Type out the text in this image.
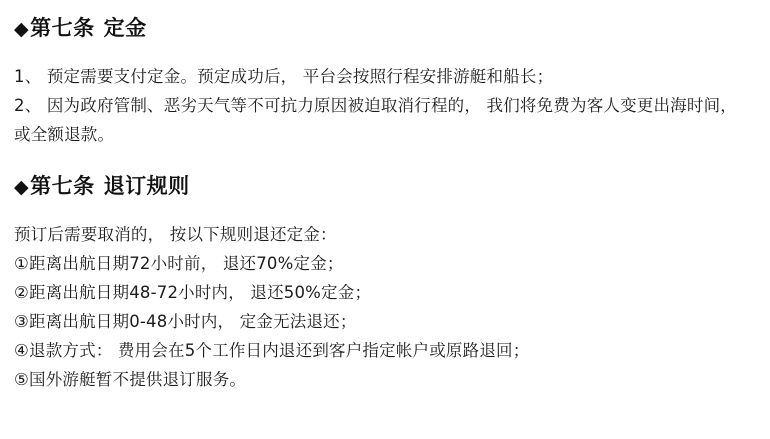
◆ 第七条 定金

1、 预定需要支付定金。预定成功后， 平台会按照行程安排游艇和船长；

2、 因为政府管制、恶劣天气等不可抗力原因被迫取消行程的， 我们将免费为客人变更出海时间， 或全额退款。

◆ 第七条 退订规则

预订后需要取消的， 按以下规则退还定金：

①距离出航日期72小时前， 退还70%定金；

②距离出航日期48-72小时内， 退还50%定金；

③距离出航日期0-48小时内， 定金无法退还；

④退款方式： 费用会在5个工作日内退还到客户指定帐户或原路退回；

⑤国外游艇暂不提供退订服务。
